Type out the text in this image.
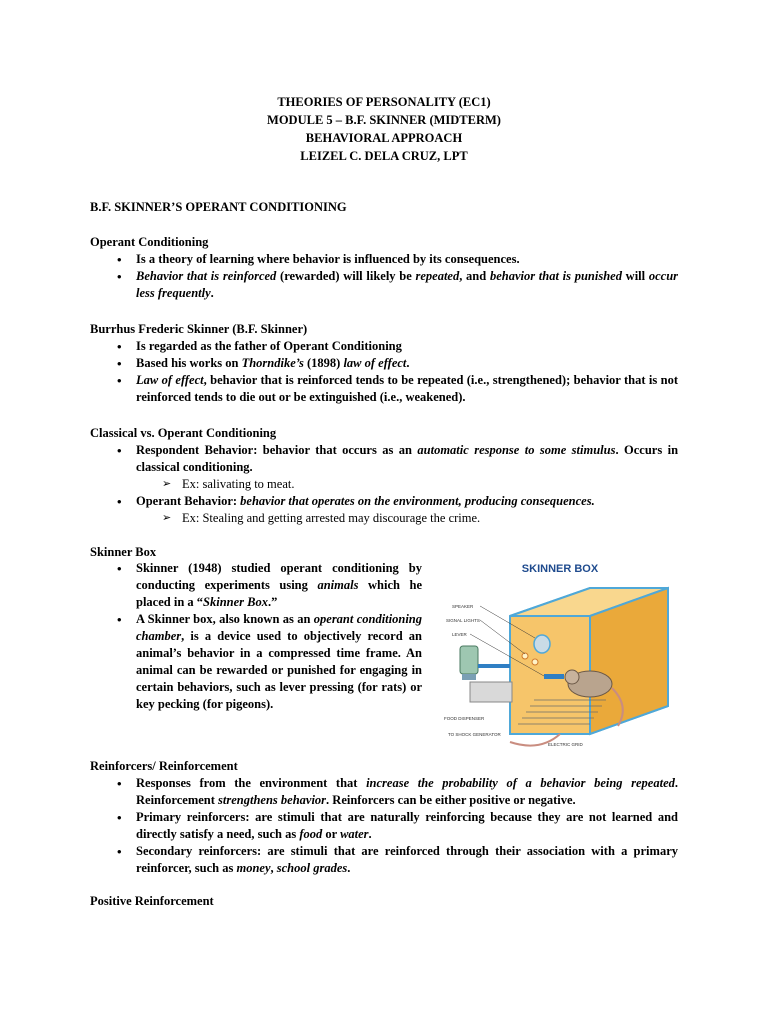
THEORIES OF PERSONALITY (EC1)
MODULE 5 – B.F. SKINNER (MIDTERM)
BEHAVIORAL APPROACH
LEIZEL C. DELA CRUZ, LPT
B.F. SKINNER’S OPERANT CONDITIONING
Operant Conditioning
• Is a theory of learning where behavior is influenced by its consequences.
• Behavior that is reinforced (rewarded) will likely be repeated, and behavior that is punished will occur less frequently.
Burrhus Frederic Skinner (B.F. Skinner)
• Is regarded as the father of Operant Conditioning
• Based his works on Thorndike’s (1898) law of effect.
• Law of effect, behavior that is reinforced tends to be repeated (i.e., strengthened); behavior that is not reinforced tends to die out or be extinguished (i.e., weakened).
Classical vs. Operant Conditioning
• Respondent Behavior: behavior that occurs as an automatic response to some stimulus. Occurs in classical conditioning.
➢ Ex: salivating to meat.
• Operant Behavior: behavior that operates on the environment, producing consequences.
➢ Ex: Stealing and getting arrested may discourage the crime.
Skinner Box
• Skinner (1948) studied operant conditioning by conducting experiments using animals which he placed in a “Skinner Box.”
• A Skinner box, also known as an operant conditioning chamber, is a device used to objectively record an animal’s behavior in a compressed time frame. An animal can be rewarded or punished for engaging in certain behaviors, such as lever pressing (for rats) or key pecking (for pigeons).
SKINNER BOX
SPEAKER
SIGNAL LIGHTS
LEVER
FOOD DISPENSER
TO SHOCK GENERATOR
ELECTRIC GRID
Reinforcers/ Reinforcement
• Responses from the environment that increase the probability of a behavior being repeated. Reinforcement strengthens behavior. Reinforcers can be either positive or negative.
• Primary reinforcers: are stimuli that are naturally reinforcing because they are not learned and directly satisfy a need, such as food or water.
• Secondary reinforcers: are stimuli that are reinforced through their association with a primary reinforcer, such as money, school grades.
Positive Reinforcement
